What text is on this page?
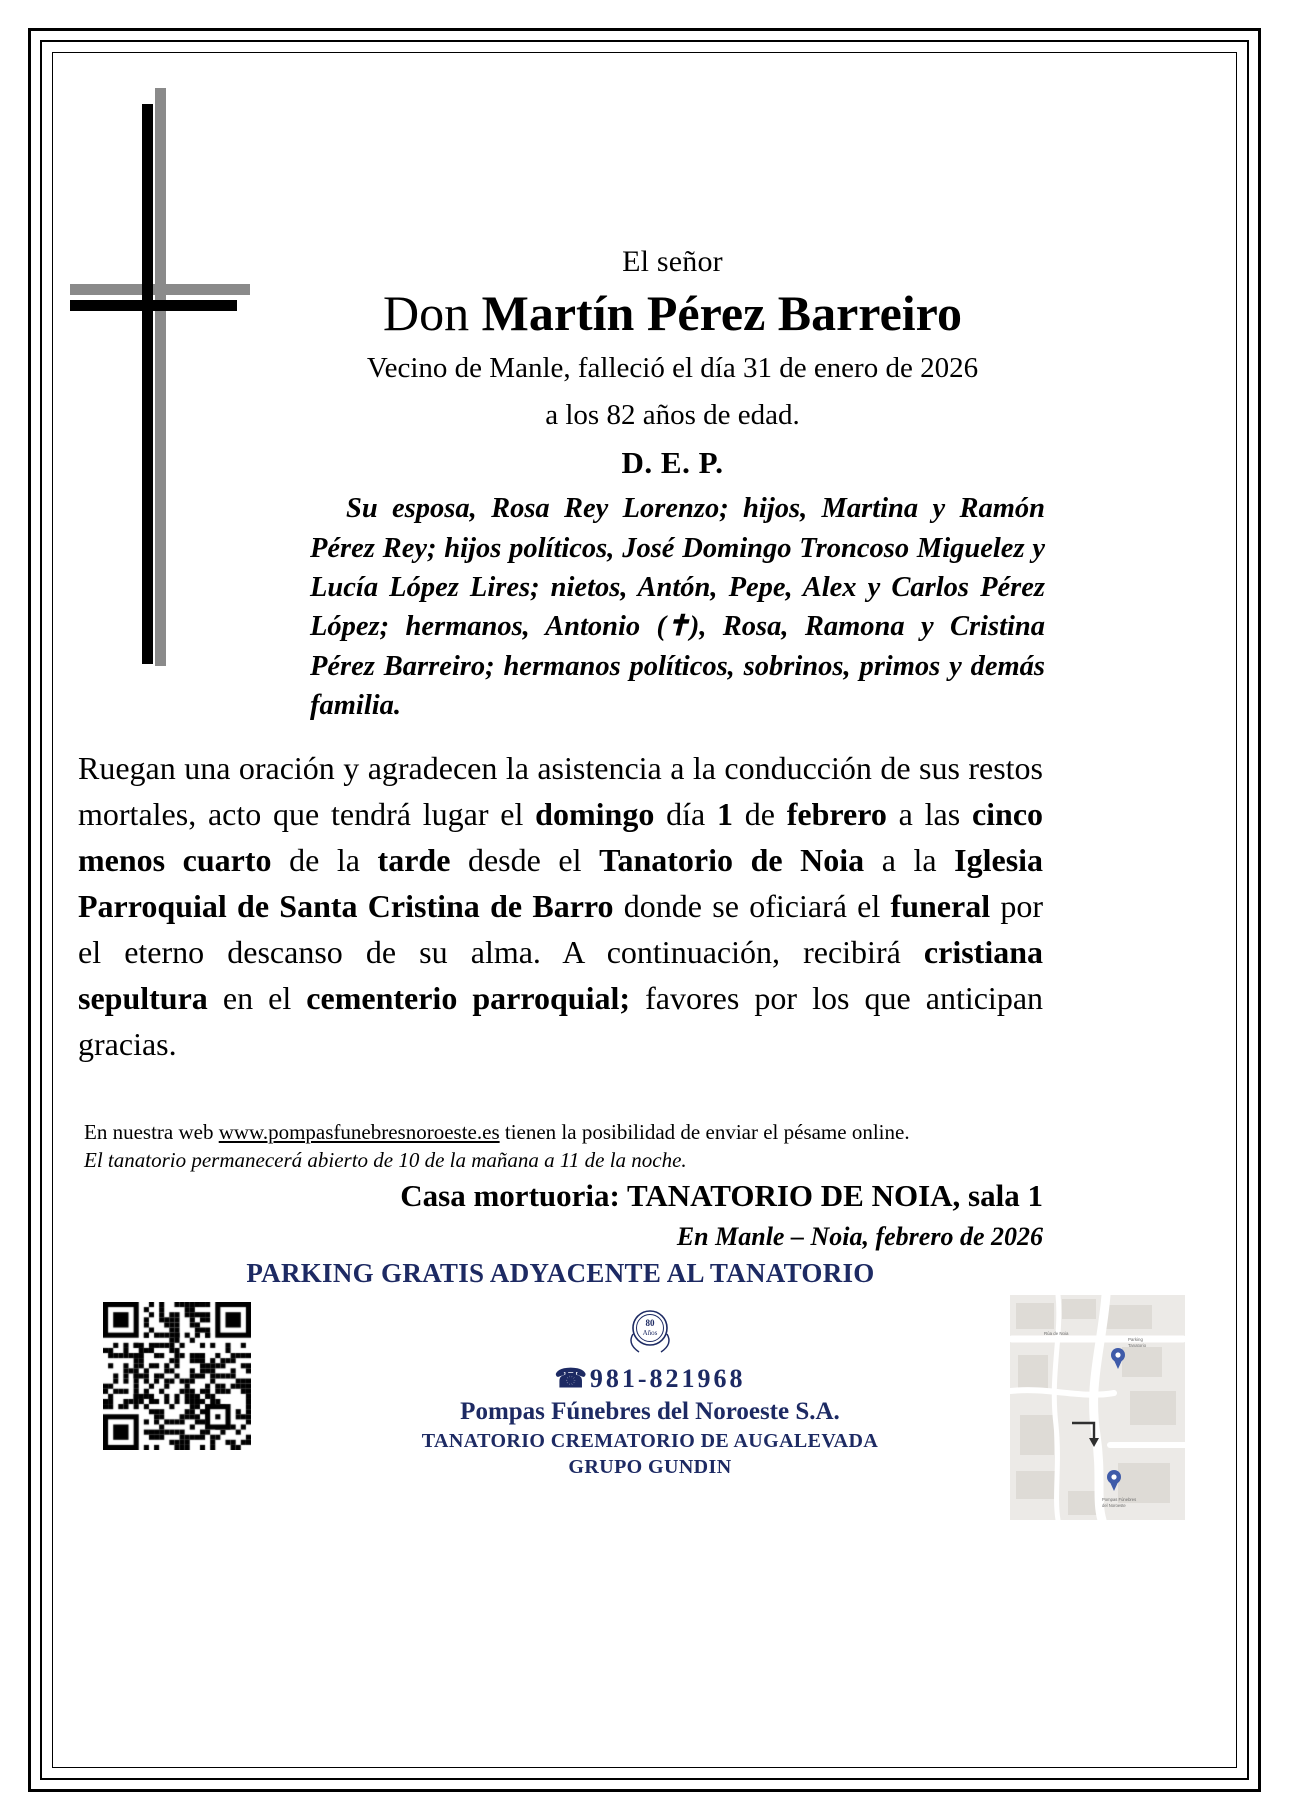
El señor
Don Martín Pérez Barreiro
Vecino de Manle, falleció el día 31 de enero de 2026
a los 82 años de edad.
D. E. P.
Su esposa, Rosa Rey Lorenzo; hijos, Martina y Ramón Pérez Rey; hijos políticos, José Domingo Troncoso Miguelez y Lucía López Lires; nietos, Antón, Pepe, Alex y Carlos Pérez López; hermanos, Antonio (✝), Rosa, Ramona y Cristina Pérez Barreiro; hermanos políticos, sobrinos, primos y demás familia.
Ruegan una oración y agradecen la asistencia a la conducción de sus restos mortales, acto que tendrá lugar el domingo día 1 de febrero a las cinco menos cuarto de la tarde desde el Tanatorio de Noia a la Iglesia Parroquial de Santa Cristina de Barro donde se oficiará el funeral por el eterno descanso de su alma. A continuación, recibirá cristiana sepultura en el cementerio parroquial; favores por los que anticipan gracias.
En nuestra web www.pompasfunebresnoroeste.es tienen la posibilidad de enviar el pésame online.
El tanatorio permanecerá abierto de 10 de la mañana a 11 de la noche.
Casa mortuoria: TANATORIO DE NOIA, sala 1
En Manle – Noia, febrero de 2026
PARKING GRATIS ADYACENTE AL TANATORIO
80
Años
☎981-821968
Pompas Fúnebres del Noroeste S.A.
TANATORIO CREMATORIO DE AUGALEVADA
GRUPO GUNDIN
Rúa de Noia
Parking
Tanatorio
Pompas Fúnebres
del Noroeste
